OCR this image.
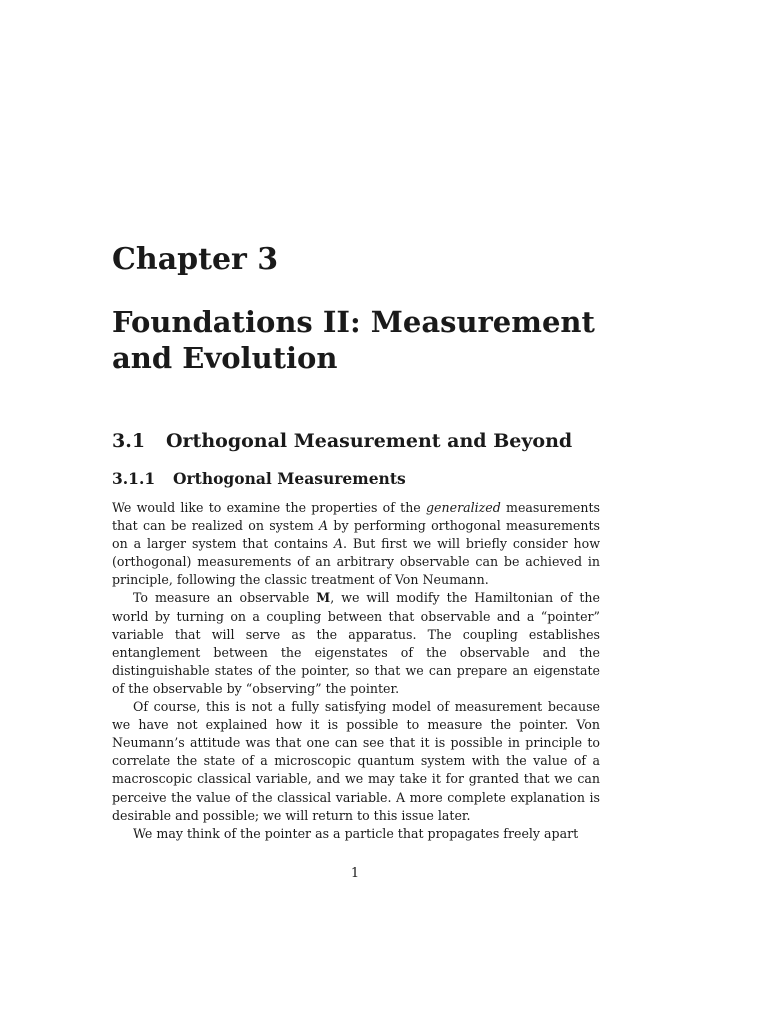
Chapter 3
Foundations II: Measurement and Evolution
3.1 Orthogonal Measurement and Beyond
3.1.1 Orthogonal Measurements

We would like to examine the properties of the generalized measurements that can be realized on system A by performing orthogonal measurements on a larger system that contains A. But first we will briefly consider how (orthogonal) measurements of an arbitrary observable can be achieved in principle, following the classic treatment of Von Neumann.

To measure an observable M, we will modify the Hamiltonian of the world by turning on a coupling between that observable and a “pointer” variable that will serve as the apparatus. The coupling establishes entanglement between the eigenstates of the observable and the distinguishable states of the pointer, so that we can prepare an eigenstate of the observable by “observing” the pointer.

Of course, this is not a fully satisfying model of measurement because we have not explained how it is possible to measure the pointer. Von Neumann’s attitude was that one can see that it is possible in principle to correlate the state of a microscopic quantum system with the value of a macroscopic classical variable, and we may take it for granted that we can perceive the value of the classical variable. A more complete explanation is desirable and possible; we will return to this issue later.

We may think of the pointer as a particle that propagates freely apart

1
